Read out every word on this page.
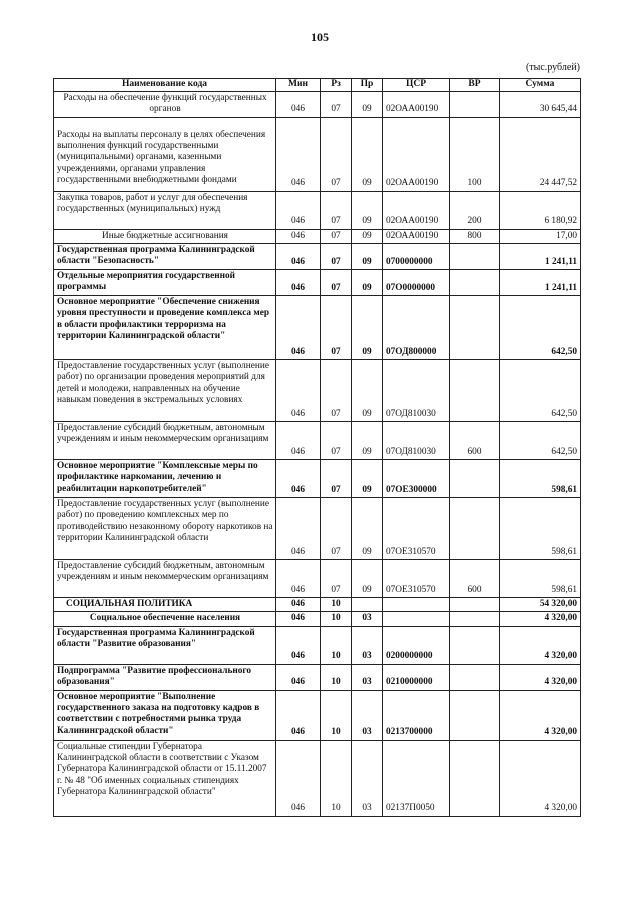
105
(тыс.рублей)
Наименование кода	Мин	Рз	Пр	ЦСР	ВР	Сумма
Расходы на обеспечение функций государственных органов	046	07	09	02ОАА00190		30 645,44
Расходы на выплаты персоналу в целях обеспечения выполнения функций государственными (муниципальными) органами, казенными учреждениями, органами управления государственными внебюджетными фондами	046	07	09	02ОАА00190	100	24 447,52
Закупка товаров, работ и услуг для обеспечения государственных (муниципальных) нужд	046	07	09	02ОАА00190	200	6 180,92
Иные бюджетные ассигнования	046	07	09	02ОАА00190	800	17,00
Государственная программа Калининградской области "Безопасность"	046	07	09	0700000000		1 241,11
Отдельные мероприятия государственной программы	046	07	09	07О0000000		1 241,11
Основное мероприятие "Обеспечение снижения уровня преступности и проведение комплекса мер в области профилактики терроризма на территории Калининградской области"	046	07	09	07ОД800000		642,50
Предоставление государственных услуг (выполнение работ) по организации проведения мероприятий для детей и молодежи, направленных на обучение навыкам поведения в экстремальных условиях	046	07	09	07ОД810030		642,50
Предоставление субсидий бюджетным, автономным учреждениям и иным некоммерческим организациям	046	07	09	07ОД810030	600	642,50
Основное мероприятие "Комплексные меры по профилактике наркомании, лечению и реабилитации наркопотребителей"	046	07	09	07ОЕ300000		598,61
Предоставление государственных услуг (выполнение работ) по проведению комплексных мер по противодействию незаконному обороту наркотиков на территории Калининградской области	046	07	09	07ОЕ310570		598,61
Предоставление субсидий бюджетным, автономным учреждениям и иным некоммерческим организациям	046	07	09	07ОЕ310570	600	598,61
СОЦИАЛЬНАЯ ПОЛИТИКА	046	10				54 320,00
Социальное обеспечение населения	046	10	03			4 320,00
Государственная программа Калининградской области "Развитие образования"	046	10	03	0200000000		4 320,00
Подпрограмма "Развитие профессионального образования"	046	10	03	0210000000		4 320,00
Основное мероприятие "Выполнение государственного заказа на подготовку кадров в соответствии с потребностями рынка труда Калининградской области"	046	10	03	0213700000		4 320,00
Социальные стипендии Губернатора Калининградской области в соответствии с Указом Губернатора Калининградской области от 15.11.2007 г. № 48 "Об именных социальных стипендиях Губернатора Калининградской области"	046	10	03	02137П0050		4 320,00
